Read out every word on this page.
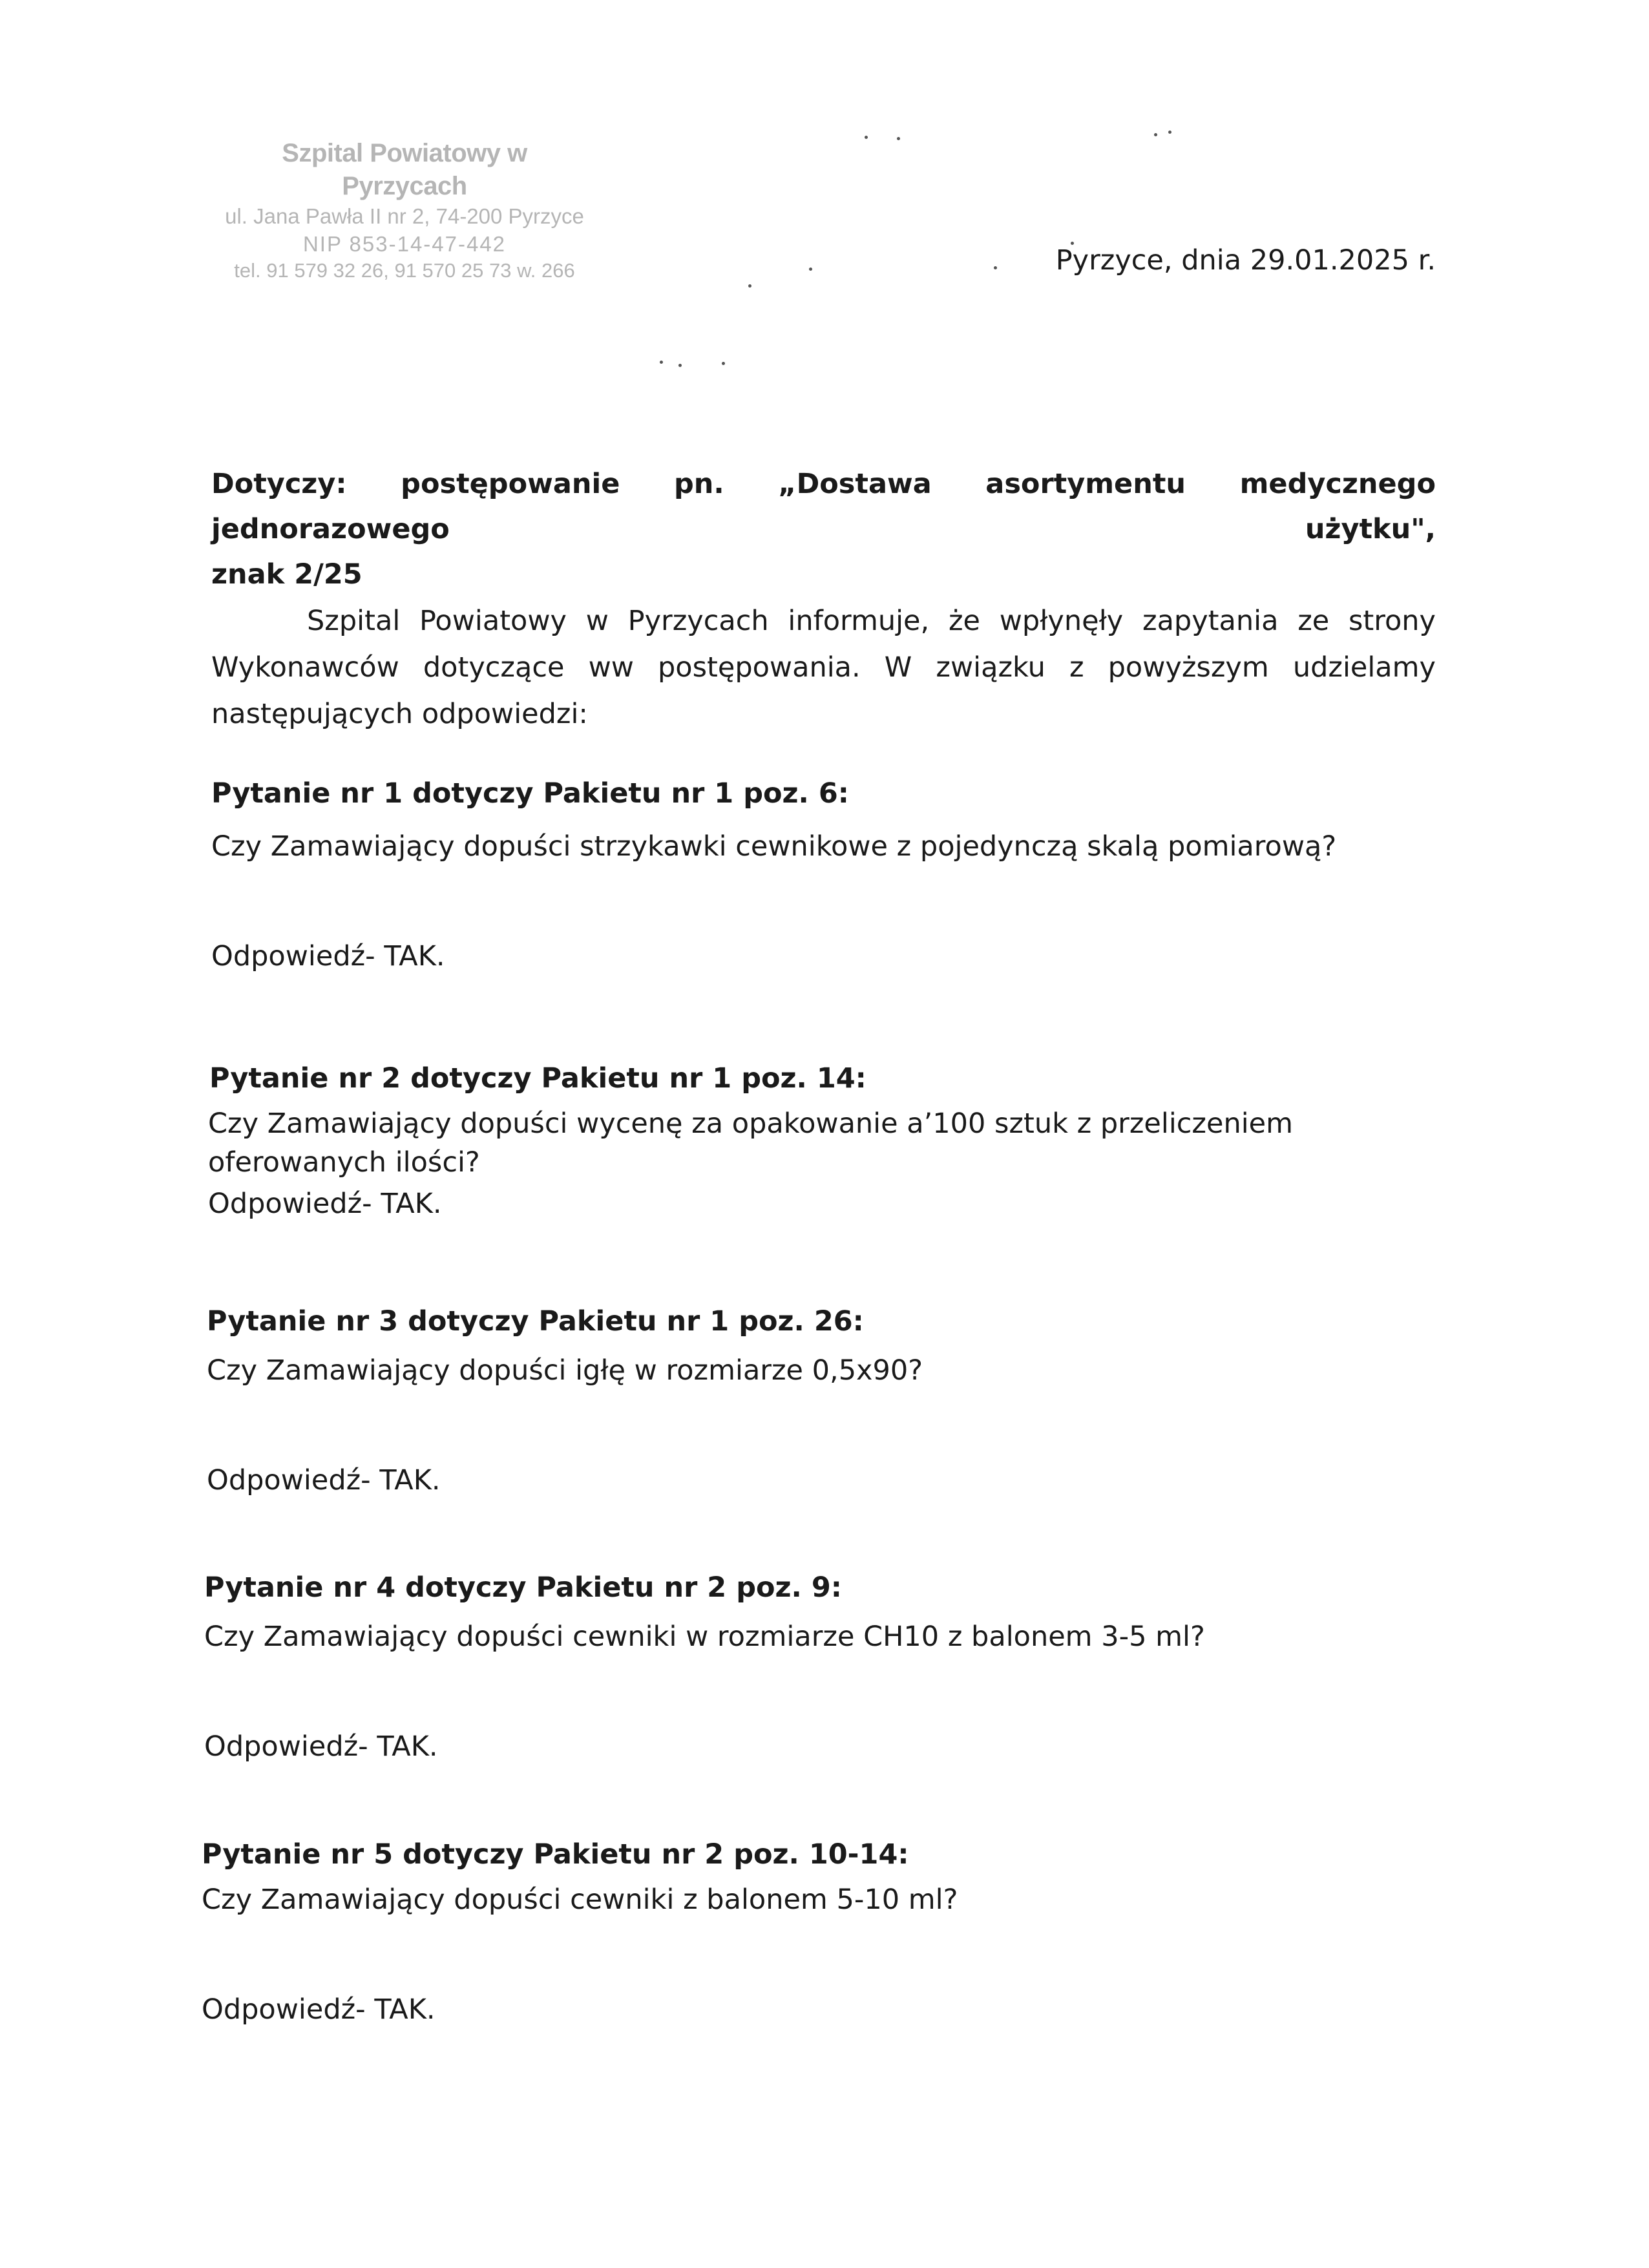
Szpital Powiatowy w Pyrzycach
ul. Jana Pawła II nr 2, 74-200 Pyrzyce
NIP 853-14-47-442
tel. 91 579 32 26, 91 570 25 73 w. 266	Pyrzyce, dnia 29.01.2025 r.
Dotyczy: postępowanie pn. „Dostawa asortymentu medycznego jednorazowego użytku",
znak 2/25
Szpital Powiatowy w Pyrzycach informuje, że wpłynęły zapytania ze strony Wykonawców dotyczące ww postępowania. W związku z powyższym udzielamy następujących odpowiedzi:
Pytanie nr 1 dotyczy Pakietu nr 1 poz. 6:
Czy Zamawiający dopuści strzykawki cewnikowe z pojedynczą skalą pomiarową?
Odpowiedź- TAK.
Pytanie nr 2 dotyczy Pakietu nr 1 poz. 14:
Czy Zamawiający dopuści wycenę za opakowanie a’100 sztuk z przeliczeniem oferowanych ilości?
Odpowiedź- TAK.
Pytanie nr 3 dotyczy Pakietu nr 1 poz. 26:
Czy Zamawiający dopuści igłę w rozmiarze 0,5x90?
Odpowiedź- TAK.
Pytanie nr 4 dotyczy Pakietu nr 2 poz. 9:
Czy Zamawiający dopuści cewniki w rozmiarze CH10 z balonem 3-5 ml?
Odpowiedź- TAK.
Pytanie nr 5 dotyczy Pakietu nr 2 poz. 10-14:
Czy Zamawiający dopuści cewniki z balonem 5-10 ml?
Odpowiedź- TAK.
